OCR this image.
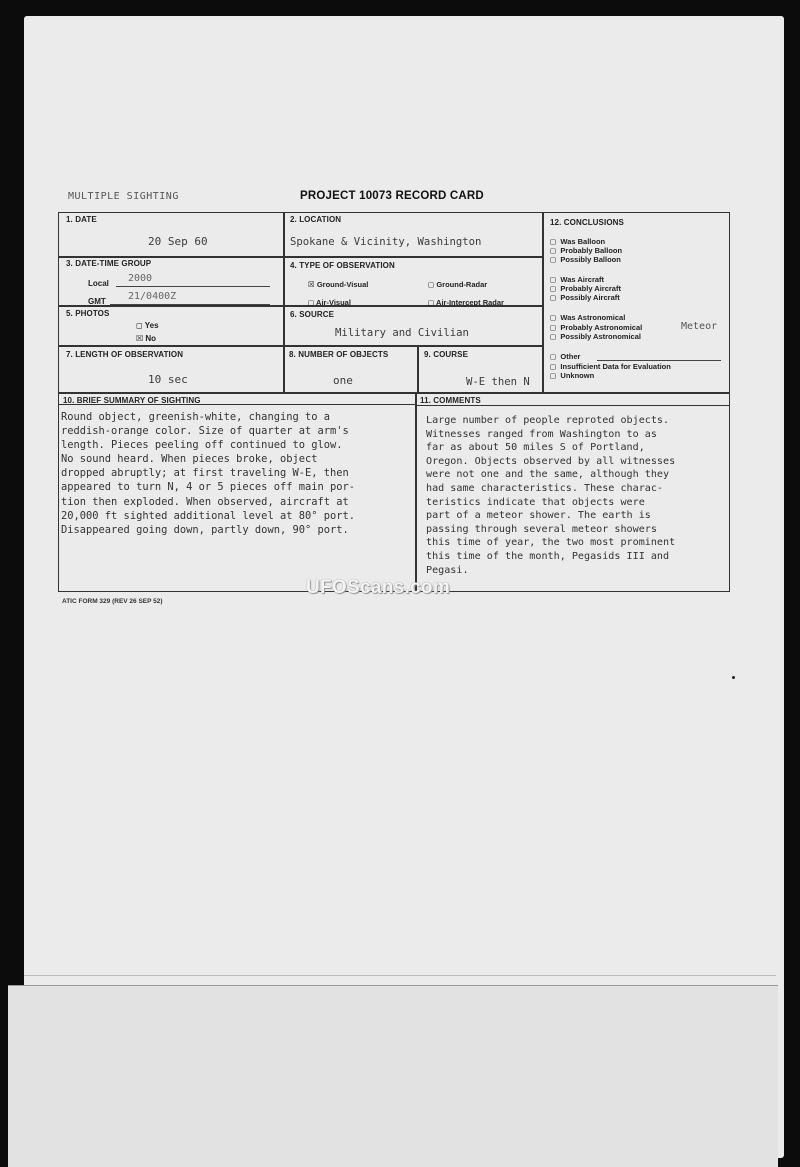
MULTIPLE SIGHTING	PROJECT 10073 RECORD CARD
1. DATE
20 Sep 60
2. LOCATION
Spokane & Vicinity, Washington
12. CONCLUSIONS
◻ Was Balloon
◻ Probably Balloon
◻ Possibly Balloon
◻ Was Aircraft
◻ Probably Aircraft
◻ Possibly Aircraft
◻ Was Astronomical
◻ Probably Astronomical
◻ Possibly Astronomical
◻ Other
◻ Insufficient Data for Evaluation
◻ Unknown
Meteor
3. DATE-TIME GROUP
Local 2000
GMT 21/0400Z
4. TYPE OF OBSERVATION
☒ Ground-Visual	◻ Ground-Radar
◻ Air-Visual	◻ Air-Intercept Radar
5. PHOTOS
◻ Yes
☒ No
6. SOURCE
Military and Civilian
7. LENGTH OF OBSERVATION
10 sec
8. NUMBER OF OBJECTS
one
9. COURSE
W-E then N
10. BRIEF SUMMARY OF SIGHTING
Round object, greenish-white, changing to a
reddish-orange color. Size of quarter at arm's
length. Pieces peeling off continued to glow.
No sound heard. When pieces broke, object
dropped abruptly; at first traveling W-E, then
appeared to turn N, 4 or 5 pieces off main por-
tion then exploded. When observed, aircraft at
20,000 ft sighted additional level at 80° port.
Disappeared going down, partly down, 90° port.
11. COMMENTS
Large number of people reproted objects.
Witnesses ranged from Washington to as
far as about 50 miles S of Portland,
Oregon. Objects observed by all witnesses
were not one and the same, although they
had same characteristics. These charac-
teristics indicate that objects were
part of a meteor shower. The earth is
passing through several meteor showers
this time of year, the two most prominent
this time of the month, Pegasids III and
Pegasi.
UFOScans.com
ATIC FORM 329 (REV 26 SEP 52)
